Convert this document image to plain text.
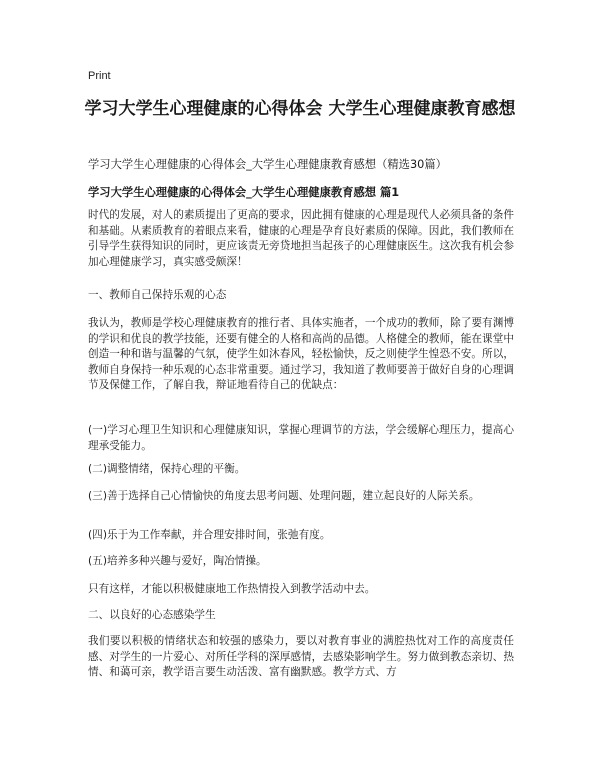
Print
学习大学生心理健康的心得体会 大学生心理健康教育感想
学习大学生心理健康的心得体会_大学生心理健康教育感想（精选30篇）
学习大学生心理健康的心得体会_大学生心理健康教育感想 篇1

时代的发展，对人的素质提出了更高的要求，因此拥有健康的心理是现代人必须具备的条件和基础。从素质教育的着眼点来看，健康的心理是孕育良好素质的保障。因此，我们教师在引导学生获得知识的同时，更应该责无旁贷地担当起孩子的心理健康医生。这次我有机会参加心理健康学习，真实感受颇深！

一、教师自己保持乐观的心态

我认为，教师是学校心理健康教育的推行者、具体实施者，一个成功的教师，除了要有渊博的学识和优良的教学技能，还要有健全的人格和高尚的品德。人格健全的教师，能在课堂中创造一种和谐与温馨的气氛，使学生如沐春风，轻松愉快，反之则使学生惶恐不安。所以，教师自身保持一种乐观的心态非常重要。通过学习，我知道了教师要善于做好自身的心理调节及保健工作，了解自我，辩证地看待自己的优缺点：

(一)学习心理卫生知识和心理健康知识，掌握心理调节的方法，学会缓解心理压力，提高心理承受能力。

(二)调整情绪，保持心理的平衡。

(三)善于选择自己心情愉快的角度去思考问题、处理问题，建立起良好的人际关系。

(四)乐于为工作奉献，并合理安排时间，张弛有度。

(五)培养多种兴趣与爱好，陶冶情操。

只有这样，才能以积极健康地工作热情投入到教学活动中去。

二、以良好的心态感染学生

我们要以积极的情绪状态和较强的感染力，要以对教育事业的满腔热忱对工作的高度责任感、对学生的一片爱心、对所任学科的深厚感情，去感染影响学生。努力做到教态亲切、热情、和蔼可亲，教学语言要生动活泼、富有幽默感。教学方式、方
